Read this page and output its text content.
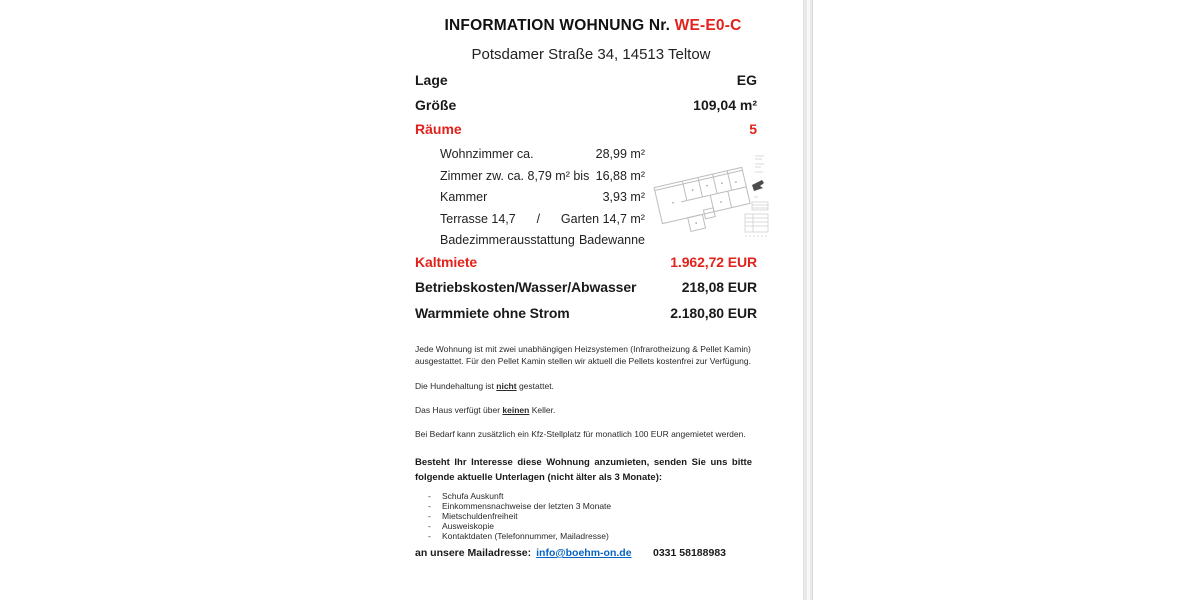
INFORMATION WOHNUNG Nr. WE-E0-C
Potsdamer Straße 34, 14513 Teltow
Lage	EG
Größe	109,04 m²
Räume	5
Wohnzimmer ca.	28,99 m²
Zimmer zw. ca. 8,79 m² bis 16,88 m²
Kammer	3,93 m²
Terrasse 14,7 / Garten 14,7 m²
Badezimmerausstattung Badewanne
Kaltmiete	1.962,72 EUR
Betriebskosten/Wasser/Abwasser	218,08 EUR
Warmmiete ohne Strom	2.180,80 EUR
Jede Wohnung ist mit zwei unabhängigen Heizsystemen (Infrarotheizung & Pellet Kamin)
ausgestattet. Für den Pellet Kamin stellen wir aktuell die Pellets kostenfrei zur Verfügung.
Die Hundehaltung ist nicht gestattet.
Das Haus verfügt über keinen Keller.
Bei Bedarf kann zusätzlich ein Kfz-Stellplatz für monatlich 100 EUR angemietet werden.
Besteht Ihr Interesse diese Wohnung anzumieten, senden Sie uns bitte
folgende aktuelle Unterlagen (nicht älter als 3 Monate):
-	Schufa Auskunft
-	Einkommensnachweise der letzten 3 Monate
-	Mietschuldenfreiheit
-	Ausweiskopie
-	Kontaktdaten (Telefonnummer, Mailadresse)
an unsere Mailadresse: info@boehm-on.de 0331 58188983
